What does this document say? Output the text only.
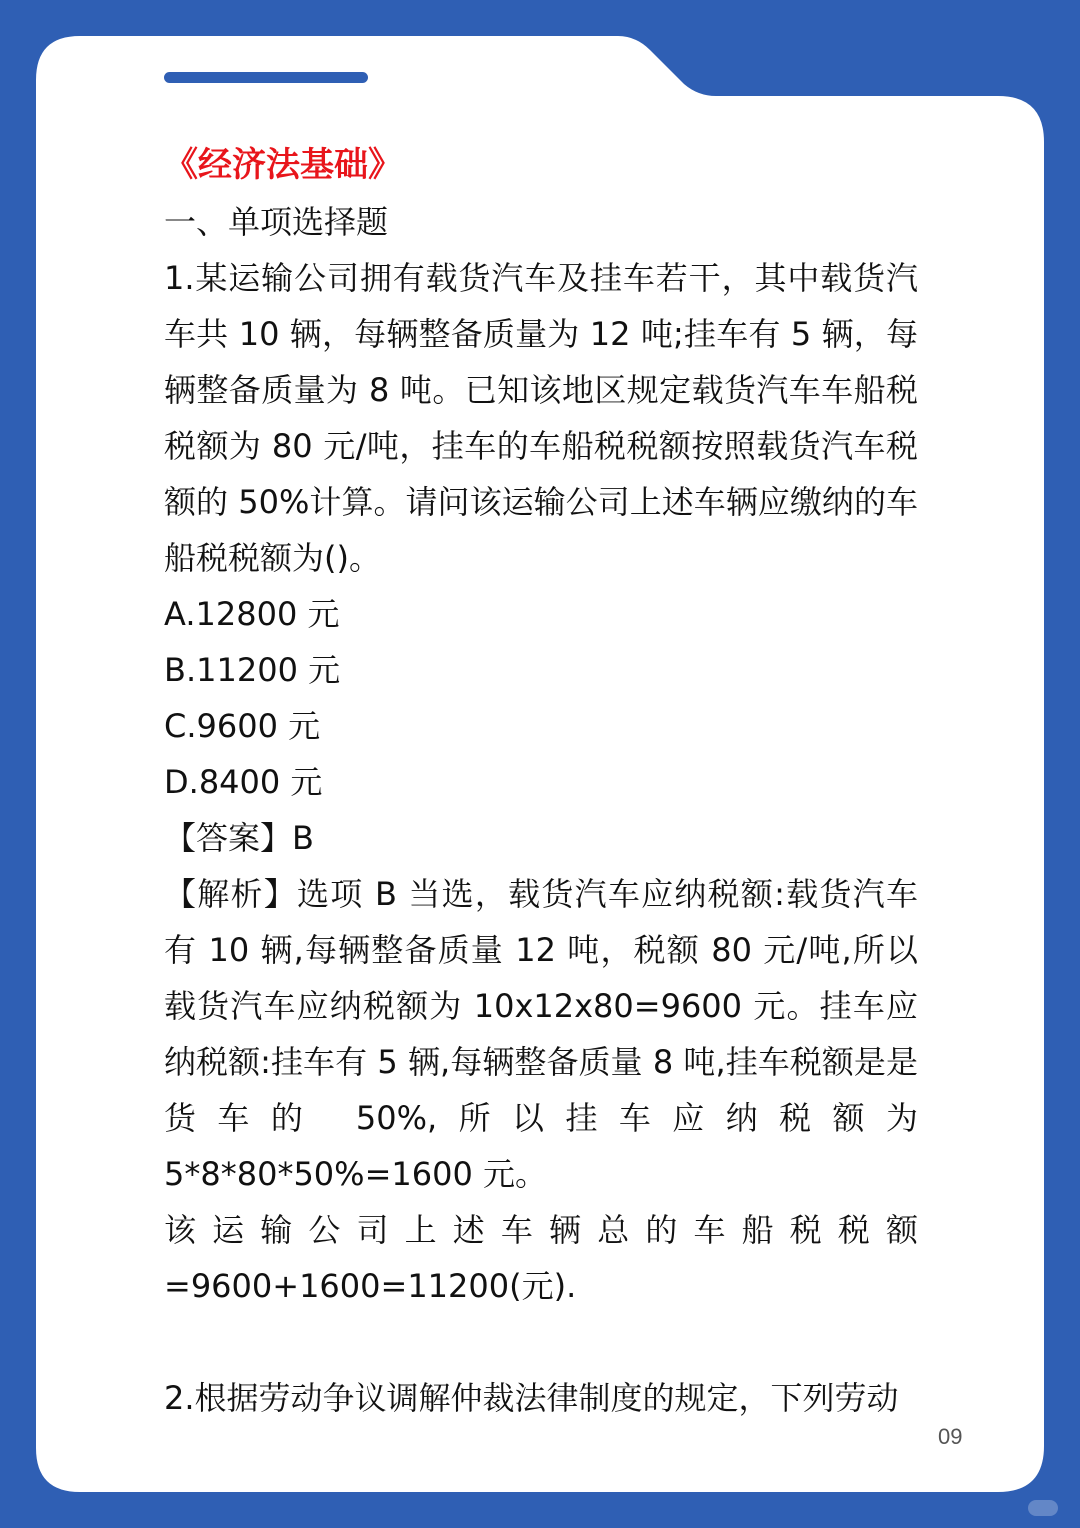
《经济法基础》

一、单项选择题

1.某运输公司拥有载货汽车及挂车若干，其中载货汽车共 10 辆，每辆整备质量为 12 吨;挂车有 5 辆，每辆整备质量为 8 吨。已知该地区规定载货汽车车船税税额为 80 元/吨，挂车的车船税税额按照载货汽车税额的 50%计算。请问该运输公司上述车辆应缴纳的车船税税额为()。

A.12800 元

B.11200 元

C.9600 元

D.8400 元

【答案】B

【解析】选项 B 当选，载货汽车应纳税额:载货汽车有 10 辆,每辆整备质量 12 吨，税额 80 元/吨,所以载货汽车应纳税额为 10x12x80=9600 元。挂车应纳税额:挂车有 5 辆,每辆整备质量 8 吨,挂车税额是是货车的 50%,所以挂车应纳税额为 5*8*80*50%=1600 元。

该运输公司上述车辆总的车船税税额

=9600+1600=11200(元).

2.根据劳动争议调解仲裁法律制度的规定，下列劳动

09
